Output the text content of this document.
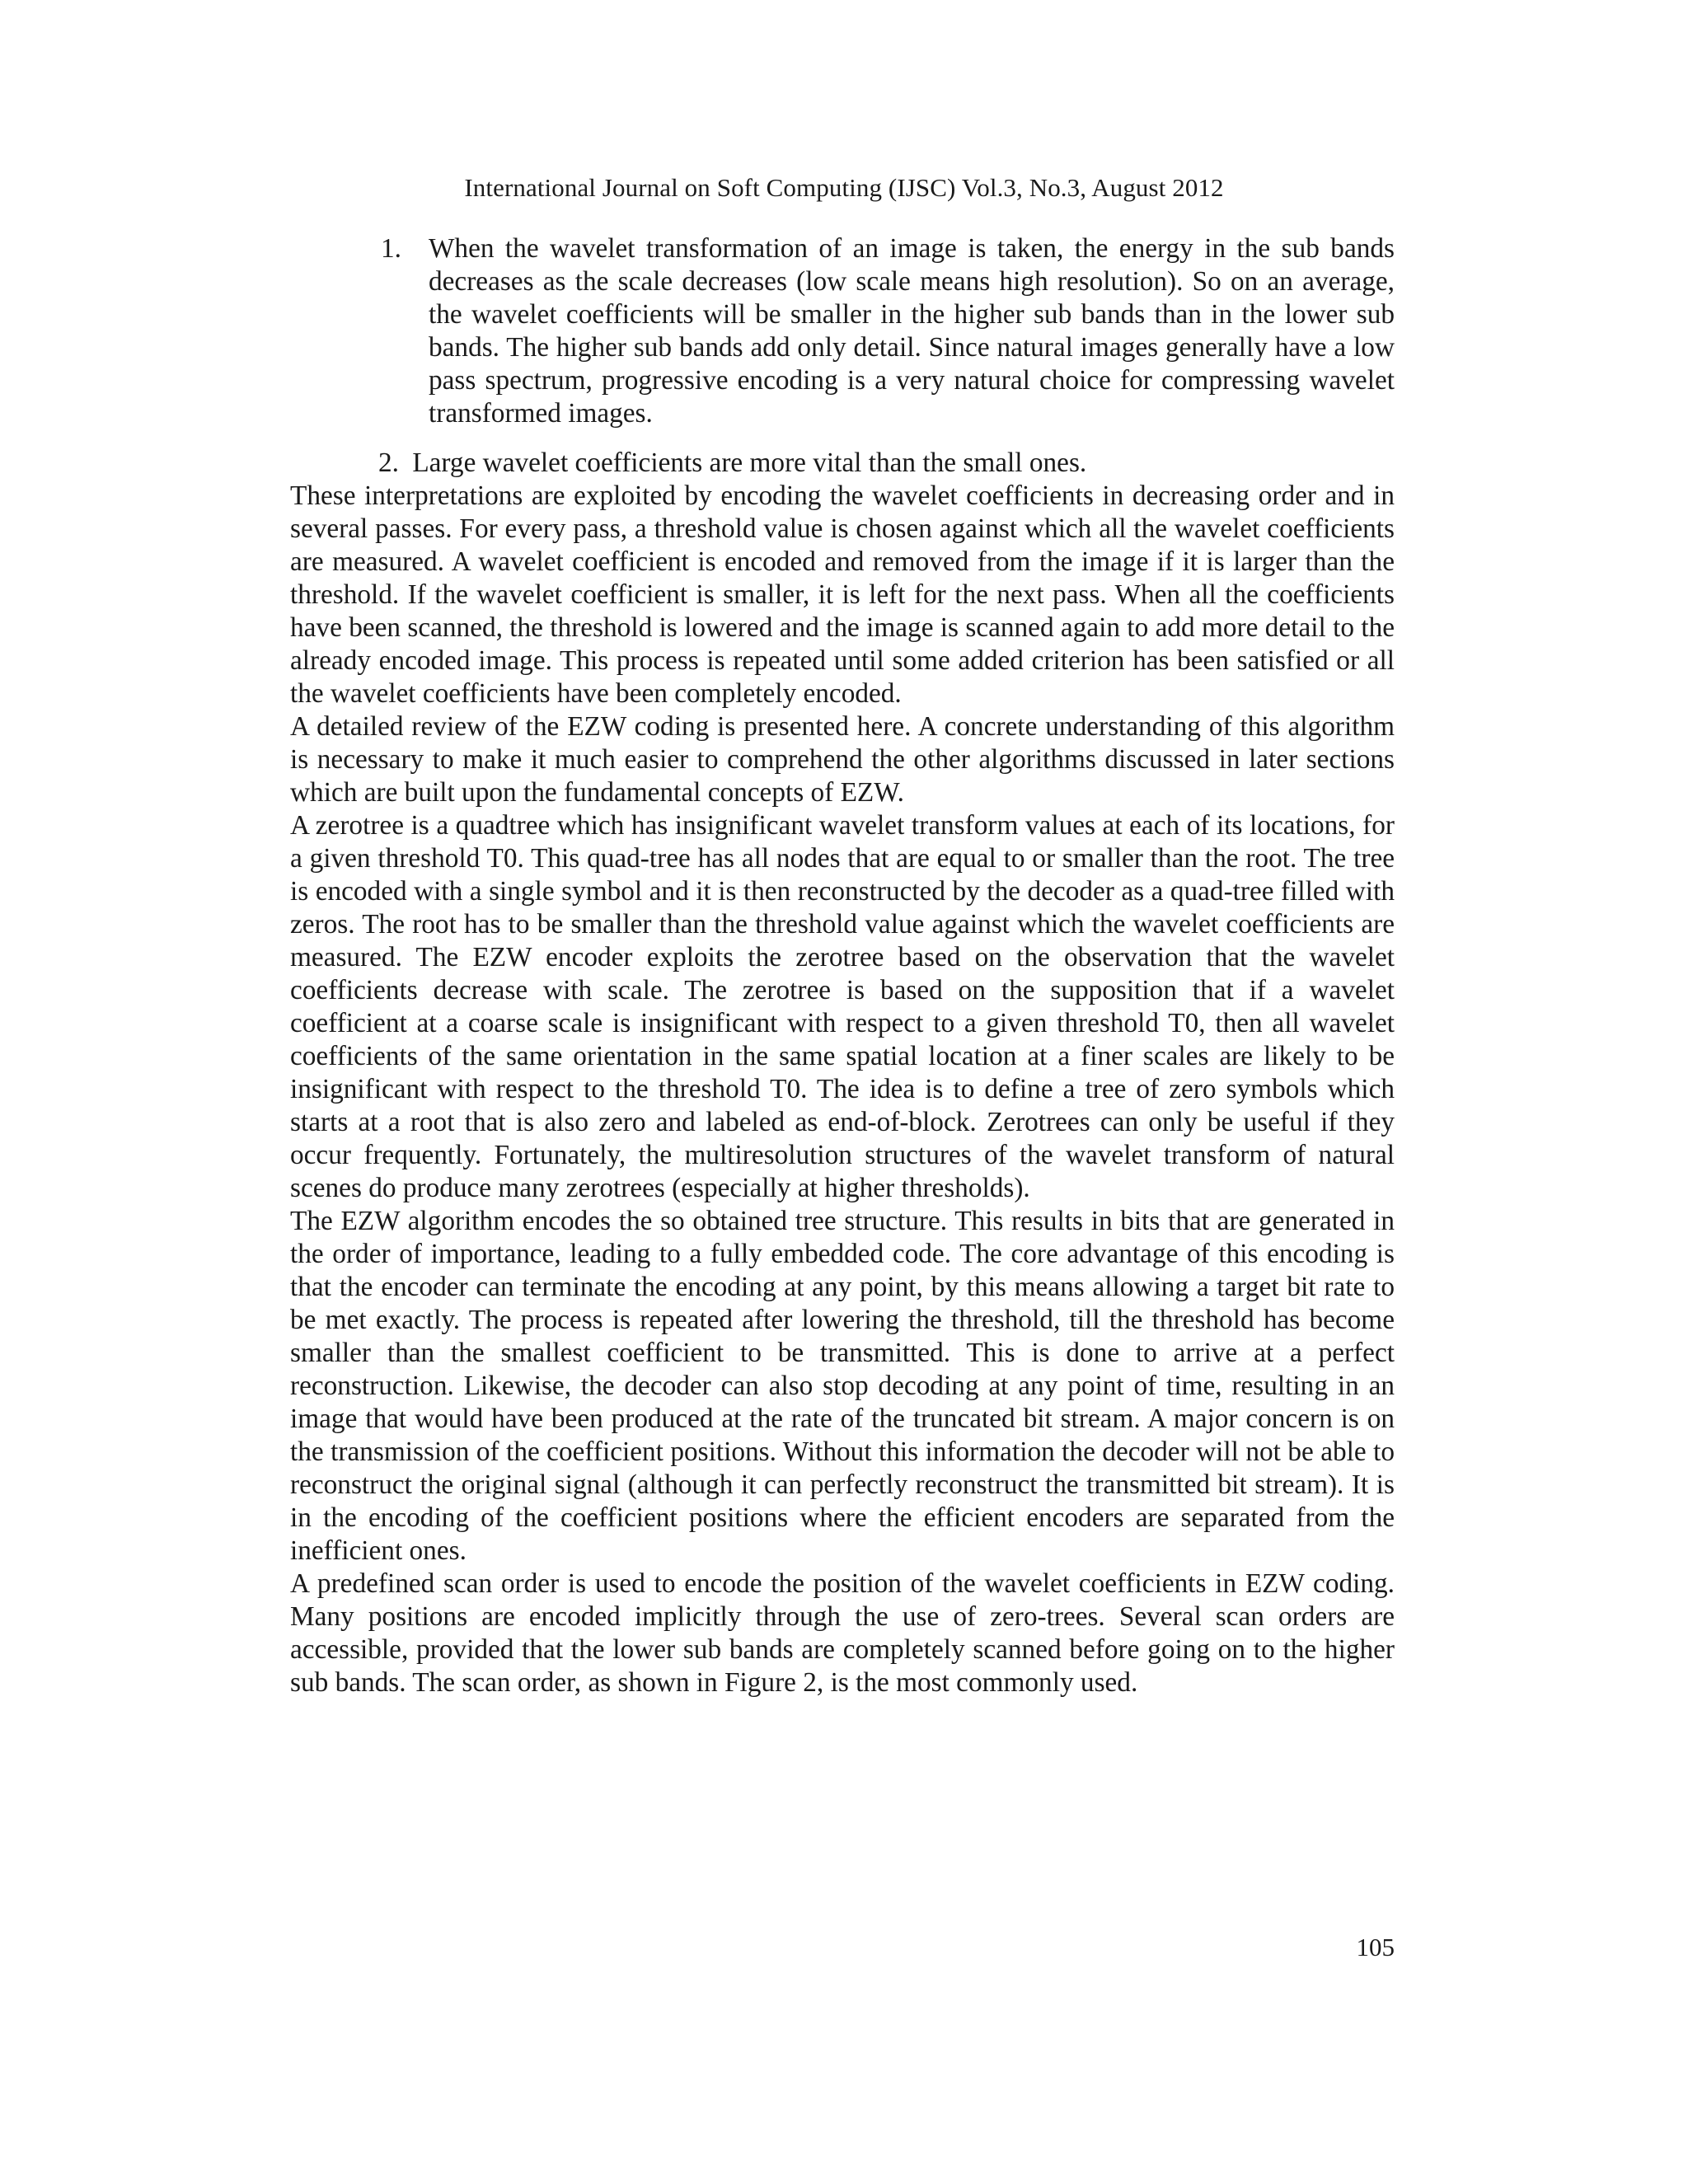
International Journal on Soft Computing (IJSC) Vol.3, No.3, August 2012
1. When the wavelet transformation of an image is taken, the energy in the sub bands decreases as the scale decreases (low scale means high resolution). So on an average, the wavelet coefficients will be smaller in the higher sub bands than in the lower sub bands. The higher sub bands add only detail. Since natural images generally have a low pass spectrum, progressive encoding is a very natural choice for compressing wavelet transformed images.
2. Large wavelet coefficients are more vital than the small ones.

These interpretations are exploited by encoding the wavelet coefficients in decreasing order and in several passes. For every pass, a threshold value is chosen against which all the wavelet coefficients are measured. A wavelet coefficient is encoded and removed from the image if it is larger than the threshold. If the wavelet coefficient is smaller, it is left for the next pass. When all the coefficients have been scanned, the threshold is lowered and the image is scanned again to add more detail to the already encoded image. This process is repeated until some added criterion has been satisfied or all the wavelet coefficients have been completely encoded.

A detailed review of the EZW coding is presented here. A concrete understanding of this algorithm is necessary to make it much easier to comprehend the other algorithms discussed in later sections which are built upon the fundamental concepts of EZW.

A zerotree is a quadtree which has insignificant wavelet transform values at each of its locations, for a given threshold T0. This quad-tree has all nodes that are equal to or smaller than the root. The tree is encoded with a single symbol and it is then reconstructed by the decoder as a quad-tree filled with zeros. The root has to be smaller than the threshold value against which the wavelet coefficients are measured. The EZW encoder exploits the zerotree based on the observation that the wavelet coefficients decrease with scale. The zerotree is based on the supposition that if a wavelet coefficient at a coarse scale is insignificant with respect to a given threshold T0, then all wavelet coefficients of the same orientation in the same spatial location at a finer scales are likely to be insignificant with respect to the threshold T0. The idea is to define a tree of zero symbols which starts at a root that is also zero and labeled as end-of-block. Zerotrees can only be useful if they occur frequently. Fortunately, the multiresolution structures of the wavelet transform of natural scenes do produce many zerotrees (especially at higher thresholds).

The EZW algorithm encodes the so obtained tree structure. This results in bits that are generated in the order of importance, leading to a fully embedded code. The core advantage of this encoding is that the encoder can terminate the encoding at any point, by this means allowing a target bit rate to be met exactly. The process is repeated after lowering the threshold, till the threshold has become smaller than the smallest coefficient to be transmitted. This is done to arrive at a perfect reconstruction. Likewise, the decoder can also stop decoding at any point of time, resulting in an image that would have been produced at the rate of the truncated bit stream. A major concern is on the transmission of the coefficient positions. Without this information the decoder will not be able to reconstruct the original signal (although it can perfectly reconstruct the transmitted bit stream). It is in the encoding of the coefficient positions where the efficient encoders are separated from the inefficient ones.

A predefined scan order is used to encode the position of the wavelet coefficients in EZW coding. Many positions are encoded implicitly through the use of zero-trees. Several scan orders are accessible, provided that the lower sub bands are completely scanned before going on to the higher sub bands. The scan order, as shown in Figure 2, is the most commonly used.

105
